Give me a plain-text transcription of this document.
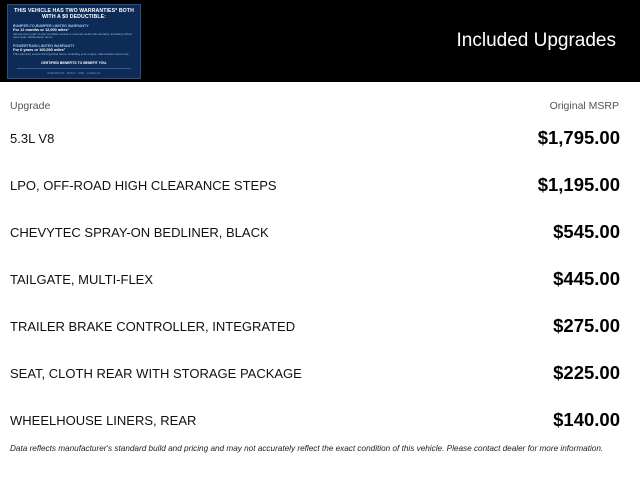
THIS VEHICLE HAS TWO WARRANTIES* BOTH WITH A $0 DEDUCTIBLE:
BUMPER-TO-BUMPER LIMITED WARRANTY
For 12 months or 12,000 miles¹
Almost every part of your Certified vehicle is covered under this warranty, including virtual open-sale maintenance items.
POWERTRAIN LIMITED WARRANTY
For 6 years or 100,000 miles²
This warranty covers the big ticket items, including your engine, transmission and more.
CERTIFIED BENEFITS TO BENEFIT YOU.
CHEVROLET · BUICK · GMC · CADILLAC
Included Upgrades
Upgrade	Original MSRP
5.3L V8	$1,795.00
LPO, OFF-ROAD HIGH CLEARANCE STEPS	$1,195.00
CHEVYTEC SPRAY-ON BEDLINER, BLACK	$545.00
TAILGATE, MULTI-FLEX	$445.00
TRAILER BRAKE CONTROLLER, INTEGRATED	$275.00
SEAT, CLOTH REAR WITH STORAGE PACKAGE	$225.00
WHEELHOUSE LINERS, REAR	$140.00
Data reflects manufacturer's standard build and pricing and may not accurately reflect the exact condition of this vehicle. Please contact dealer for more information.
